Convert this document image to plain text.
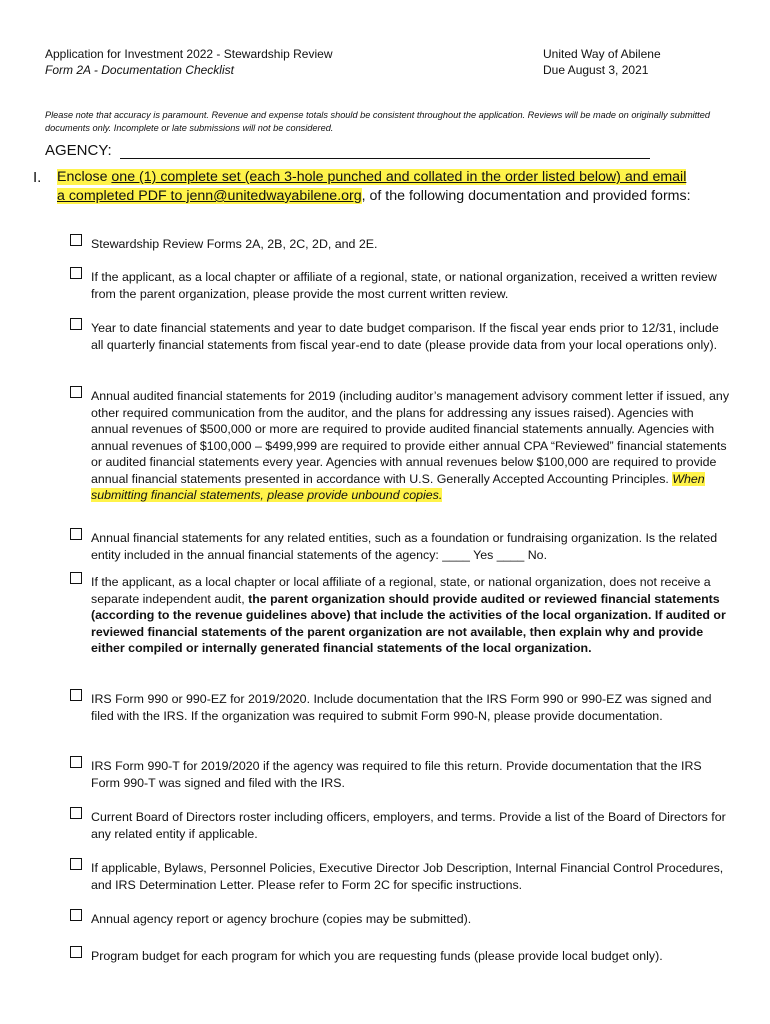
Application for Investment 2022 - Stewardship Review
Form 2A - Documentation Checklist
United Way of Abilene
Due August 3, 2021
Please note that accuracy is paramount. Revenue and expense totals should be consistent throughout the application. Reviews will be made on originally submitted documents only. Incomplete or late submissions will not be considered.
AGENCY:
I. Enclose one (1) complete set (each 3-hole punched and collated in the order listed below) and email a completed PDF to jenn@unitedwayabilene.org, of the following documentation and provided forms:
Stewardship Review Forms 2A, 2B, 2C, 2D, and 2E.
If the applicant, as a local chapter or affiliate of a regional, state, or national organization, received a written review from the parent organization, please provide the most current written review.
Year to date financial statements and year to date budget comparison. If the fiscal year ends prior to 12/31, include all quarterly financial statements from fiscal year-end to date (please provide data from your local operations only).
Annual audited financial statements for 2019 (including auditor’s management advisory comment letter if issued, any other required communication from the auditor, and the plans for addressing any issues raised). Agencies with annual revenues of $500,000 or more are required to provide audited financial statements annually. Agencies with annual revenues of $100,000 – $499,999 are required to provide either annual CPA “Reviewed” financial statements or audited financial statements every year. Agencies with annual revenues below $100,000 are required to provide annual financial statements presented in accordance with U.S. Generally Accepted Accounting Principles. When submitting financial statements, please provide unbound copies.
Annual financial statements for any related entities, such as a foundation or fundraising organization. Is the related entity included in the annual financial statements of the agency: ____ Yes ____ No.
If the applicant, as a local chapter or local affiliate of a regional, state, or national organization, does not receive a separate independent audit, the parent organization should provide audited or reviewed financial statements (according to the revenue guidelines above) that include the activities of the local organization. If audited or reviewed financial statements of the parent organization are not available, then explain why and provide either compiled or internally generated financial statements of the local organization.
IRS Form 990 or 990-EZ for 2019/2020. Include documentation that the IRS Form 990 or 990-EZ was signed and filed with the IRS. If the organization was required to submit Form 990-N, please provide documentation.
IRS Form 990-T for 2019/2020 if the agency was required to file this return. Provide documentation that the IRS Form 990-T was signed and filed with the IRS.
Current Board of Directors roster including officers, employers, and terms. Provide a list of the Board of Directors for any related entity if applicable.
If applicable, Bylaws, Personnel Policies, Executive Director Job Description, Internal Financial Control Procedures, and IRS Determination Letter. Please refer to Form 2C for specific instructions.
Annual agency report or agency brochure (copies may be submitted).
Program budget for each program for which you are requesting funds (please provide local budget only).
